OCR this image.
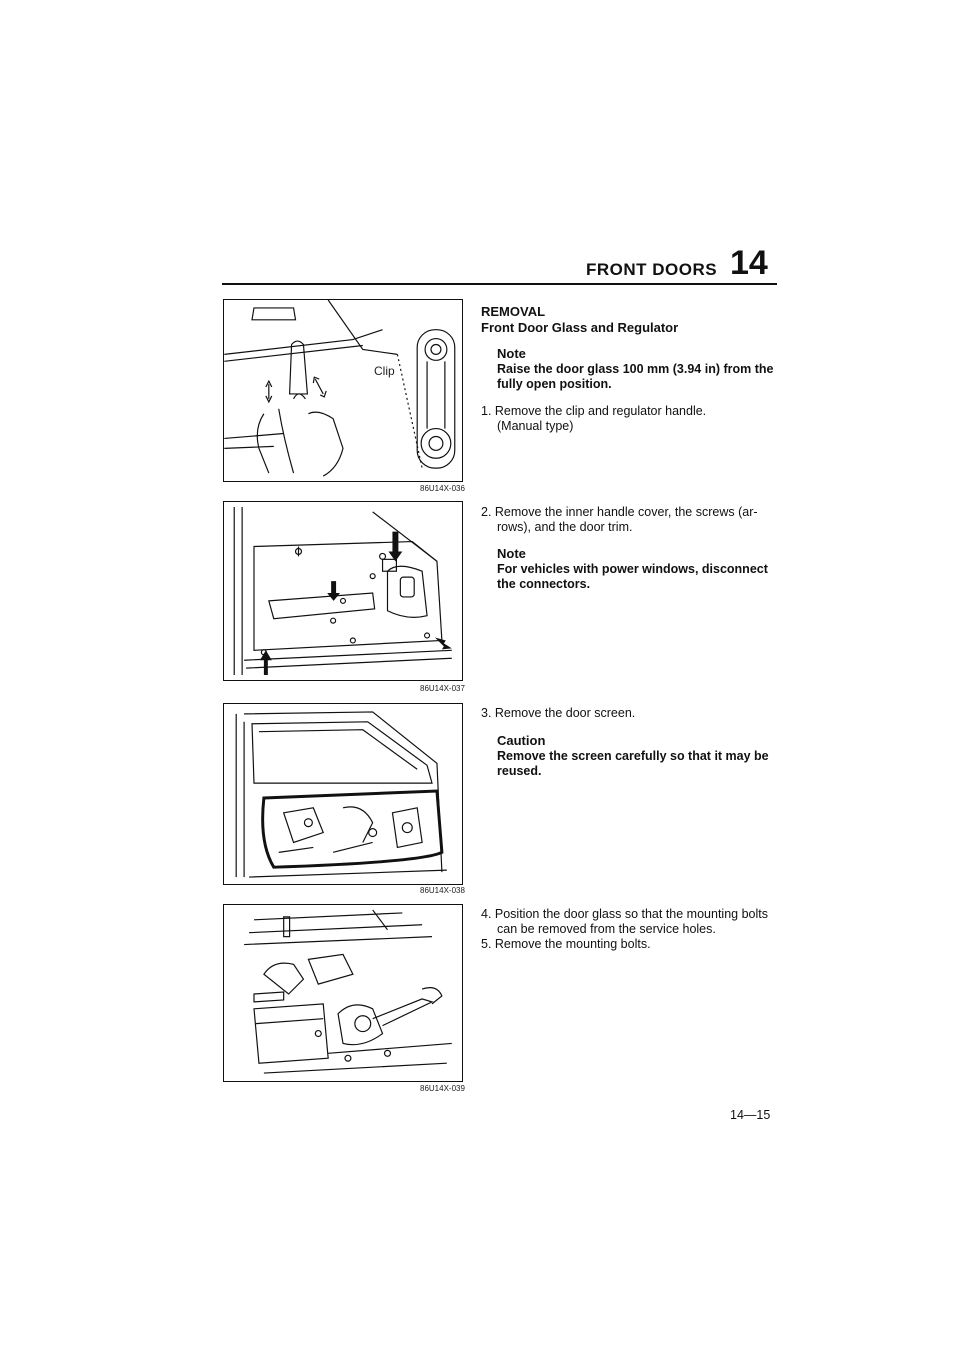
FRONT DOORS 14
Clip
86U14X-036
86U14X-037
86U14X-038
86U14X-039
REMOVAL
Front Door Glass and Regulator
Note
Raise the door glass 100 mm (3.94 in) from the
fully open position.
1. Remove the clip and regulator handle.
(Manual type)
2. Remove the inner handle cover, the screws (ar-
rows), and the door trim.
Note
For vehicles with power windows, disconnect
the connectors.
3. Remove the door screen.
Caution
Remove the screen carefully so that it may be
reused.
4. Position the door glass so that the mounting bolts
can be removed from the service holes.
5. Remove the mounting bolts.
14—15
